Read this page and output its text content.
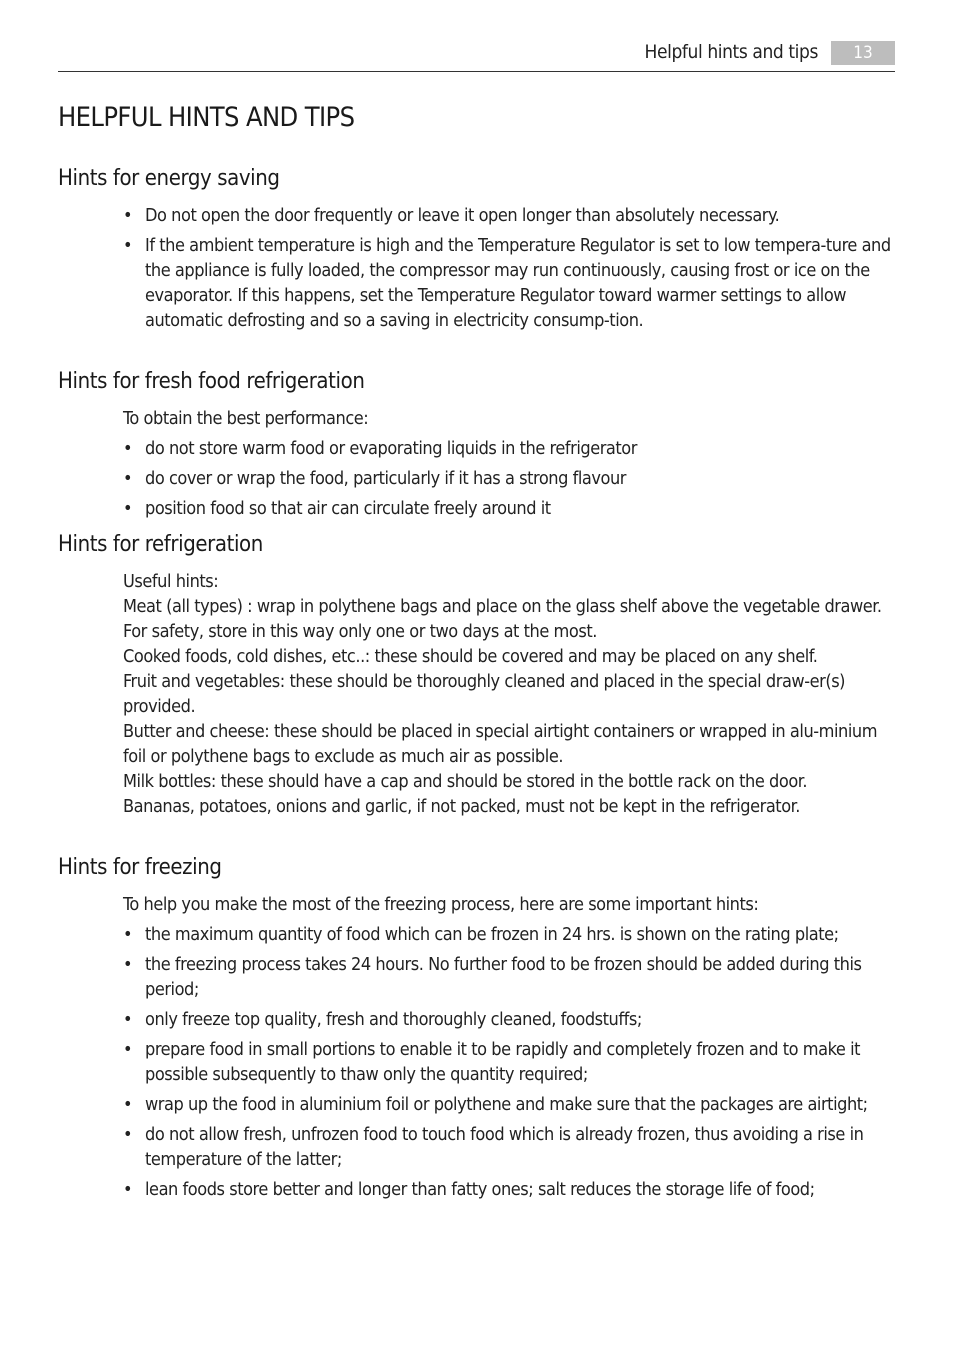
Helpful hints and tips	13
HELPFUL HINTS AND TIPS
Hints for energy saving
• Do not open the door frequently or leave it open longer than absolutely necessary.
• If the ambient temperature is high and the Temperature Regulator is set to low tempera-ture and the appliance is fully loaded, the compressor may run continuously, causing frost or ice on the evaporator. If this happens, set the Temperature Regulator toward warmer settings to allow automatic defrosting and so a saving in electricity consump-tion.
Hints for fresh food refrigeration

To obtain the best performance:

• do not store warm food or evaporating liquids in the refrigerator
• do cover or wrap the food, particularly if it has a strong flavour
• position food so that air can circulate freely around it
Hints for refrigeration

Useful hints:

Meat (all types) : wrap in polythene bags and place on the glass shelf above the vegetable drawer.

For safety, store in this way only one or two days at the most.

Cooked foods, cold dishes, etc..: these should be covered and may be placed on any shelf.

Fruit and vegetables: these should be thoroughly cleaned and placed in the special draw-er(s) provided.

Butter and cheese: these should be placed in special airtight containers or wrapped in alu-minium foil or polythene bags to exclude as much air as possible.

Milk bottles: these should have a cap and should be stored in the bottle rack on the door.

Bananas, potatoes, onions and garlic, if not packed, must not be kept in the refrigerator.

Hints for freezing

To help you make the most of the freezing process, here are some important hints:

• the maximum quantity of food which can be frozen in 24 hrs. is shown on the rating plate;
• the freezing process takes 24 hours. No further food to be frozen should be added during this period;
• only freeze top quality, fresh and thoroughly cleaned, foodstuffs;
• prepare food in small portions to enable it to be rapidly and completely frozen and to make it possible subsequently to thaw only the quantity required;
• wrap up the food in aluminium foil or polythene and make sure that the packages are airtight;
• do not allow fresh, unfrozen food to touch food which is already frozen, thus avoiding a rise in temperature of the latter;
• lean foods store better and longer than fatty ones; salt reduces the storage life of food;
